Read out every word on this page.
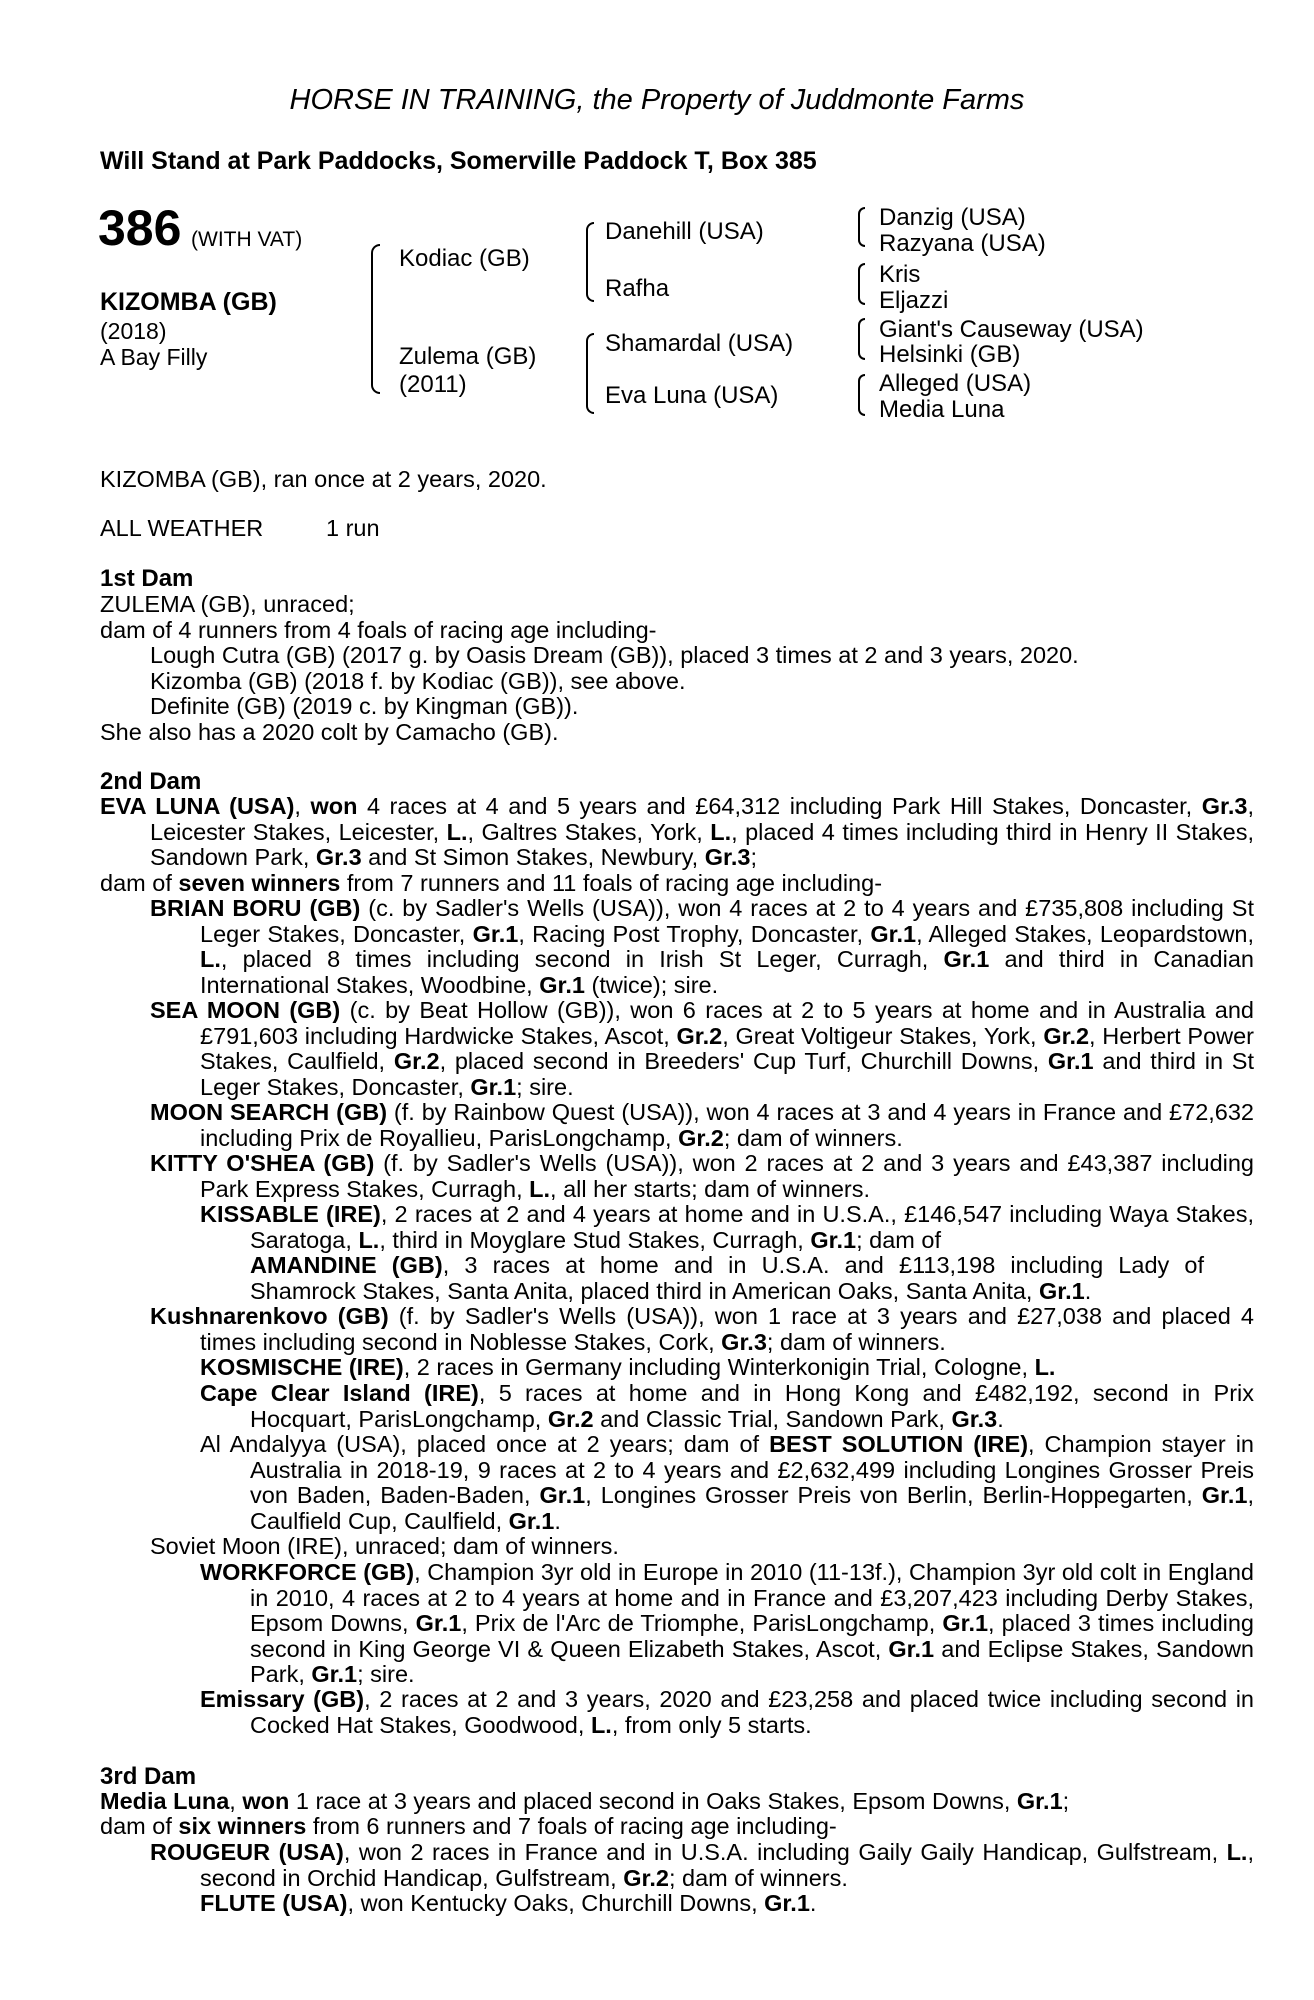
HORSE IN TRAINING, the Property of Juddmonte Farms
Will Stand at Park Paddocks, Somerville Paddock T, Box 385
386 (WITH VAT)
KIZOMBA (GB)
(2018)
A Bay Filly
Kodiac (GB)
Zulema (GB)
(2011)
Danehill (USA)
Rafha
Shamardal (USA)
Eva Luna (USA)
Danzig (USA)
Razyana (USA)
Kris
Eljazzi
Giant's Causeway (USA)
Helsinki (GB)
Alleged (USA)
Media Luna
KIZOMBA (GB), ran once at 2 years, 2020.
ALL WEATHER	1 run
1st Dam
ZULEMA (GB), unraced;
dam of 4 runners from 4 foals of racing age including-
Lough Cutra (GB) (2017 g. by Oasis Dream (GB)), placed 3 times at 2 and 3 years, 2020.
Kizomba (GB) (2018 f. by Kodiac (GB)), see above.
Definite (GB) (2019 c. by Kingman (GB)).
She also has a 2020 colt by Camacho (GB).
2nd Dam
EVA LUNA (USA), won 4 races at 4 and 5 years and £64,312 including Park Hill Stakes, Doncaster, Gr.3, Leicester Stakes, Leicester, L., Galtres Stakes, York, L., placed 4 times including third in Henry II Stakes, Sandown Park, Gr.3 and St Simon Stakes, Newbury, Gr.3;
dam of seven winners from 7 runners and 11 foals of racing age including-
BRIAN BORU (GB) (c. by Sadler's Wells (USA)), won 4 races at 2 to 4 years and £735,808 including St Leger Stakes, Doncaster, Gr.1, Racing Post Trophy, Doncaster, Gr.1, Alleged Stakes, Leopardstown, L., placed 8 times including second in Irish St Leger, Curragh, Gr.1 and third in Canadian International Stakes, Woodbine, Gr.1 (twice); sire.
SEA MOON (GB) (c. by Beat Hollow (GB)), won 6 races at 2 to 5 years at home and in Australia and £791,603 including Hardwicke Stakes, Ascot, Gr.2, Great Voltigeur Stakes, York, Gr.2, Herbert Power Stakes, Caulfield, Gr.2, placed second in Breeders' Cup Turf, Churchill Downs, Gr.1 and third in St Leger Stakes, Doncaster, Gr.1; sire.
MOON SEARCH (GB) (f. by Rainbow Quest (USA)), won 4 races at 3 and 4 years in France and £72,632 including Prix de Royallieu, ParisLongchamp, Gr.2; dam of winners.
KITTY O'SHEA (GB) (f. by Sadler's Wells (USA)), won 2 races at 2 and 3 years and £43,387 including Park Express Stakes, Curragh, L., all her starts; dam of winners.
KISSABLE (IRE), 2 races at 2 and 4 years at home and in U.S.A., £146,547 including Waya Stakes, Saratoga, L., third in Moyglare Stud Stakes, Curragh, Gr.1; dam of
AMANDINE (GB), 3 races at home and in U.S.A. and £113,198 including Lady of Shamrock Stakes, Santa Anita, placed third in American Oaks, Santa Anita, Gr.1.
Kushnarenkovo (GB) (f. by Sadler's Wells (USA)), won 1 race at 3 years and £27,038 and placed 4 times including second in Noblesse Stakes, Cork, Gr.3; dam of winners.
KOSMISCHE (IRE), 2 races in Germany including Winterkonigin Trial, Cologne, L.
Cape Clear Island (IRE), 5 races at home and in Hong Kong and £482,192, second in Prix Hocquart, ParisLongchamp, Gr.2 and Classic Trial, Sandown Park, Gr.3.
Al Andalyya (USA), placed once at 2 years; dam of BEST SOLUTION (IRE), Champion stayer in Australia in 2018-19, 9 races at 2 to 4 years and £2,632,499 including Longines Grosser Preis von Baden, Baden-Baden, Gr.1, Longines Grosser Preis von Berlin, Berlin-Hoppegarten, Gr.1, Caulfield Cup, Caulfield, Gr.1.
Soviet Moon (IRE), unraced; dam of winners.
WORKFORCE (GB), Champion 3yr old in Europe in 2010 (11-13f.), Champion 3yr old colt in England in 2010, 4 races at 2 to 4 years at home and in France and £3,207,423 including Derby Stakes, Epsom Downs, Gr.1, Prix de l'Arc de Triomphe, ParisLongchamp, Gr.1, placed 3 times including second in King George VI & Queen Elizabeth Stakes, Ascot, Gr.1 and Eclipse Stakes, Sandown Park, Gr.1; sire.
Emissary (GB), 2 races at 2 and 3 years, 2020 and £23,258 and placed twice including second in Cocked Hat Stakes, Goodwood, L., from only 5 starts.
3rd Dam
Media Luna, won 1 race at 3 years and placed second in Oaks Stakes, Epsom Downs, Gr.1;
dam of six winners from 6 runners and 7 foals of racing age including-
ROUGEUR (USA), won 2 races in France and in U.S.A. including Gaily Gaily Handicap, Gulfstream, L., second in Orchid Handicap, Gulfstream, Gr.2; dam of winners.
FLUTE (USA), won Kentucky Oaks, Churchill Downs, Gr.1.
